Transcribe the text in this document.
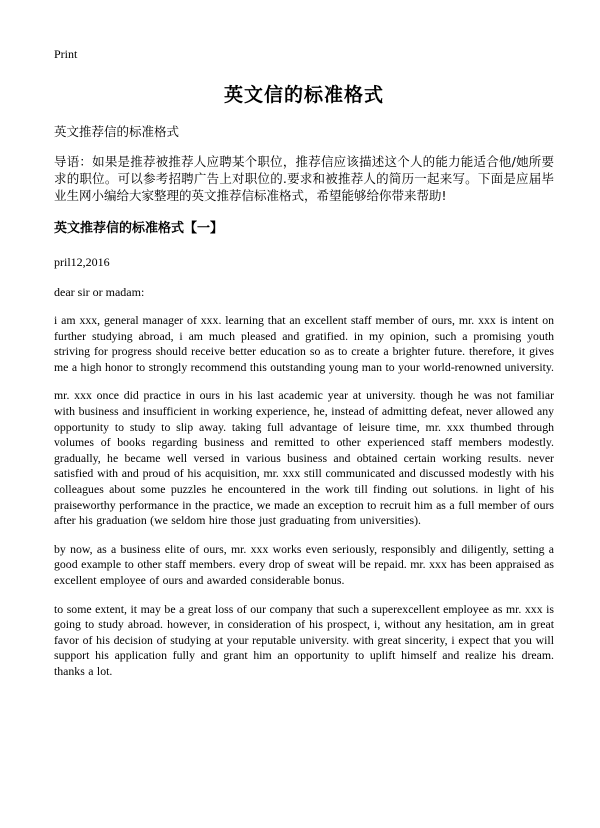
Print

英文信的标准格式

英文推荐信的标准格式

导语：如果是推荐被推荐人应聘某个职位，推荐信应该描述这个人的能力能适合他/她所要求的职位。可以参考招聘广告上对职位的.要求和被推荐人的简历一起来写。下面是应届毕业生网小编给大家整理的英文推荐信标准格式，希望能够给你带来帮助!

英文推荐信的标准格式【一】

pril12,2016

dear sir or madam:

i am xxx, general manager of xxx. learning that an excellent staff member of ours, mr. xxx is intent on further studying abroad, i am much pleased and gratified. in my opinion, such a promising youth striving for progress should receive better education so as to create a brighter future. therefore, it gives me a high honor to strongly recommend this outstanding young man to your world-renowned university.

mr. xxx once did practice in ours in his last academic year at university. though he was not familiar with business and insufficient in working experience, he, instead of admitting defeat, never allowed any opportunity to study to slip away. taking full advantage of leisure time, mr. xxx thumbed through volumes of books regarding business and remitted to other experienced staff members modestly. gradually, he became well versed in various business and obtained certain working results. never satisfied with and proud of his acquisition, mr. xxx still communicated and discussed modestly with his colleagues about some puzzles he encountered in the work till finding out solutions. in light of his praiseworthy performance in the practice, we made an exception to recruit him as a full member of ours after his graduation (we seldom hire those just graduating from universities).

by now, as a business elite of ours, mr. xxx works even seriously, responsibly and diligently, setting a good example to other staff members. every drop of sweat will be repaid. mr. xxx has been appraised as excellent employee of ours and awarded considerable bonus.

to some extent, it may be a great loss of our company that such a superexcellent employee as mr. xxx is going to study abroad. however, in consideration of his prospect, i, without any hesitation, am in great favor of his decision of studying at your reputable university. with great sincerity, i expect that you will support his application fully and grant him an opportunity to uplift himself and realize his dream. thanks a lot.
